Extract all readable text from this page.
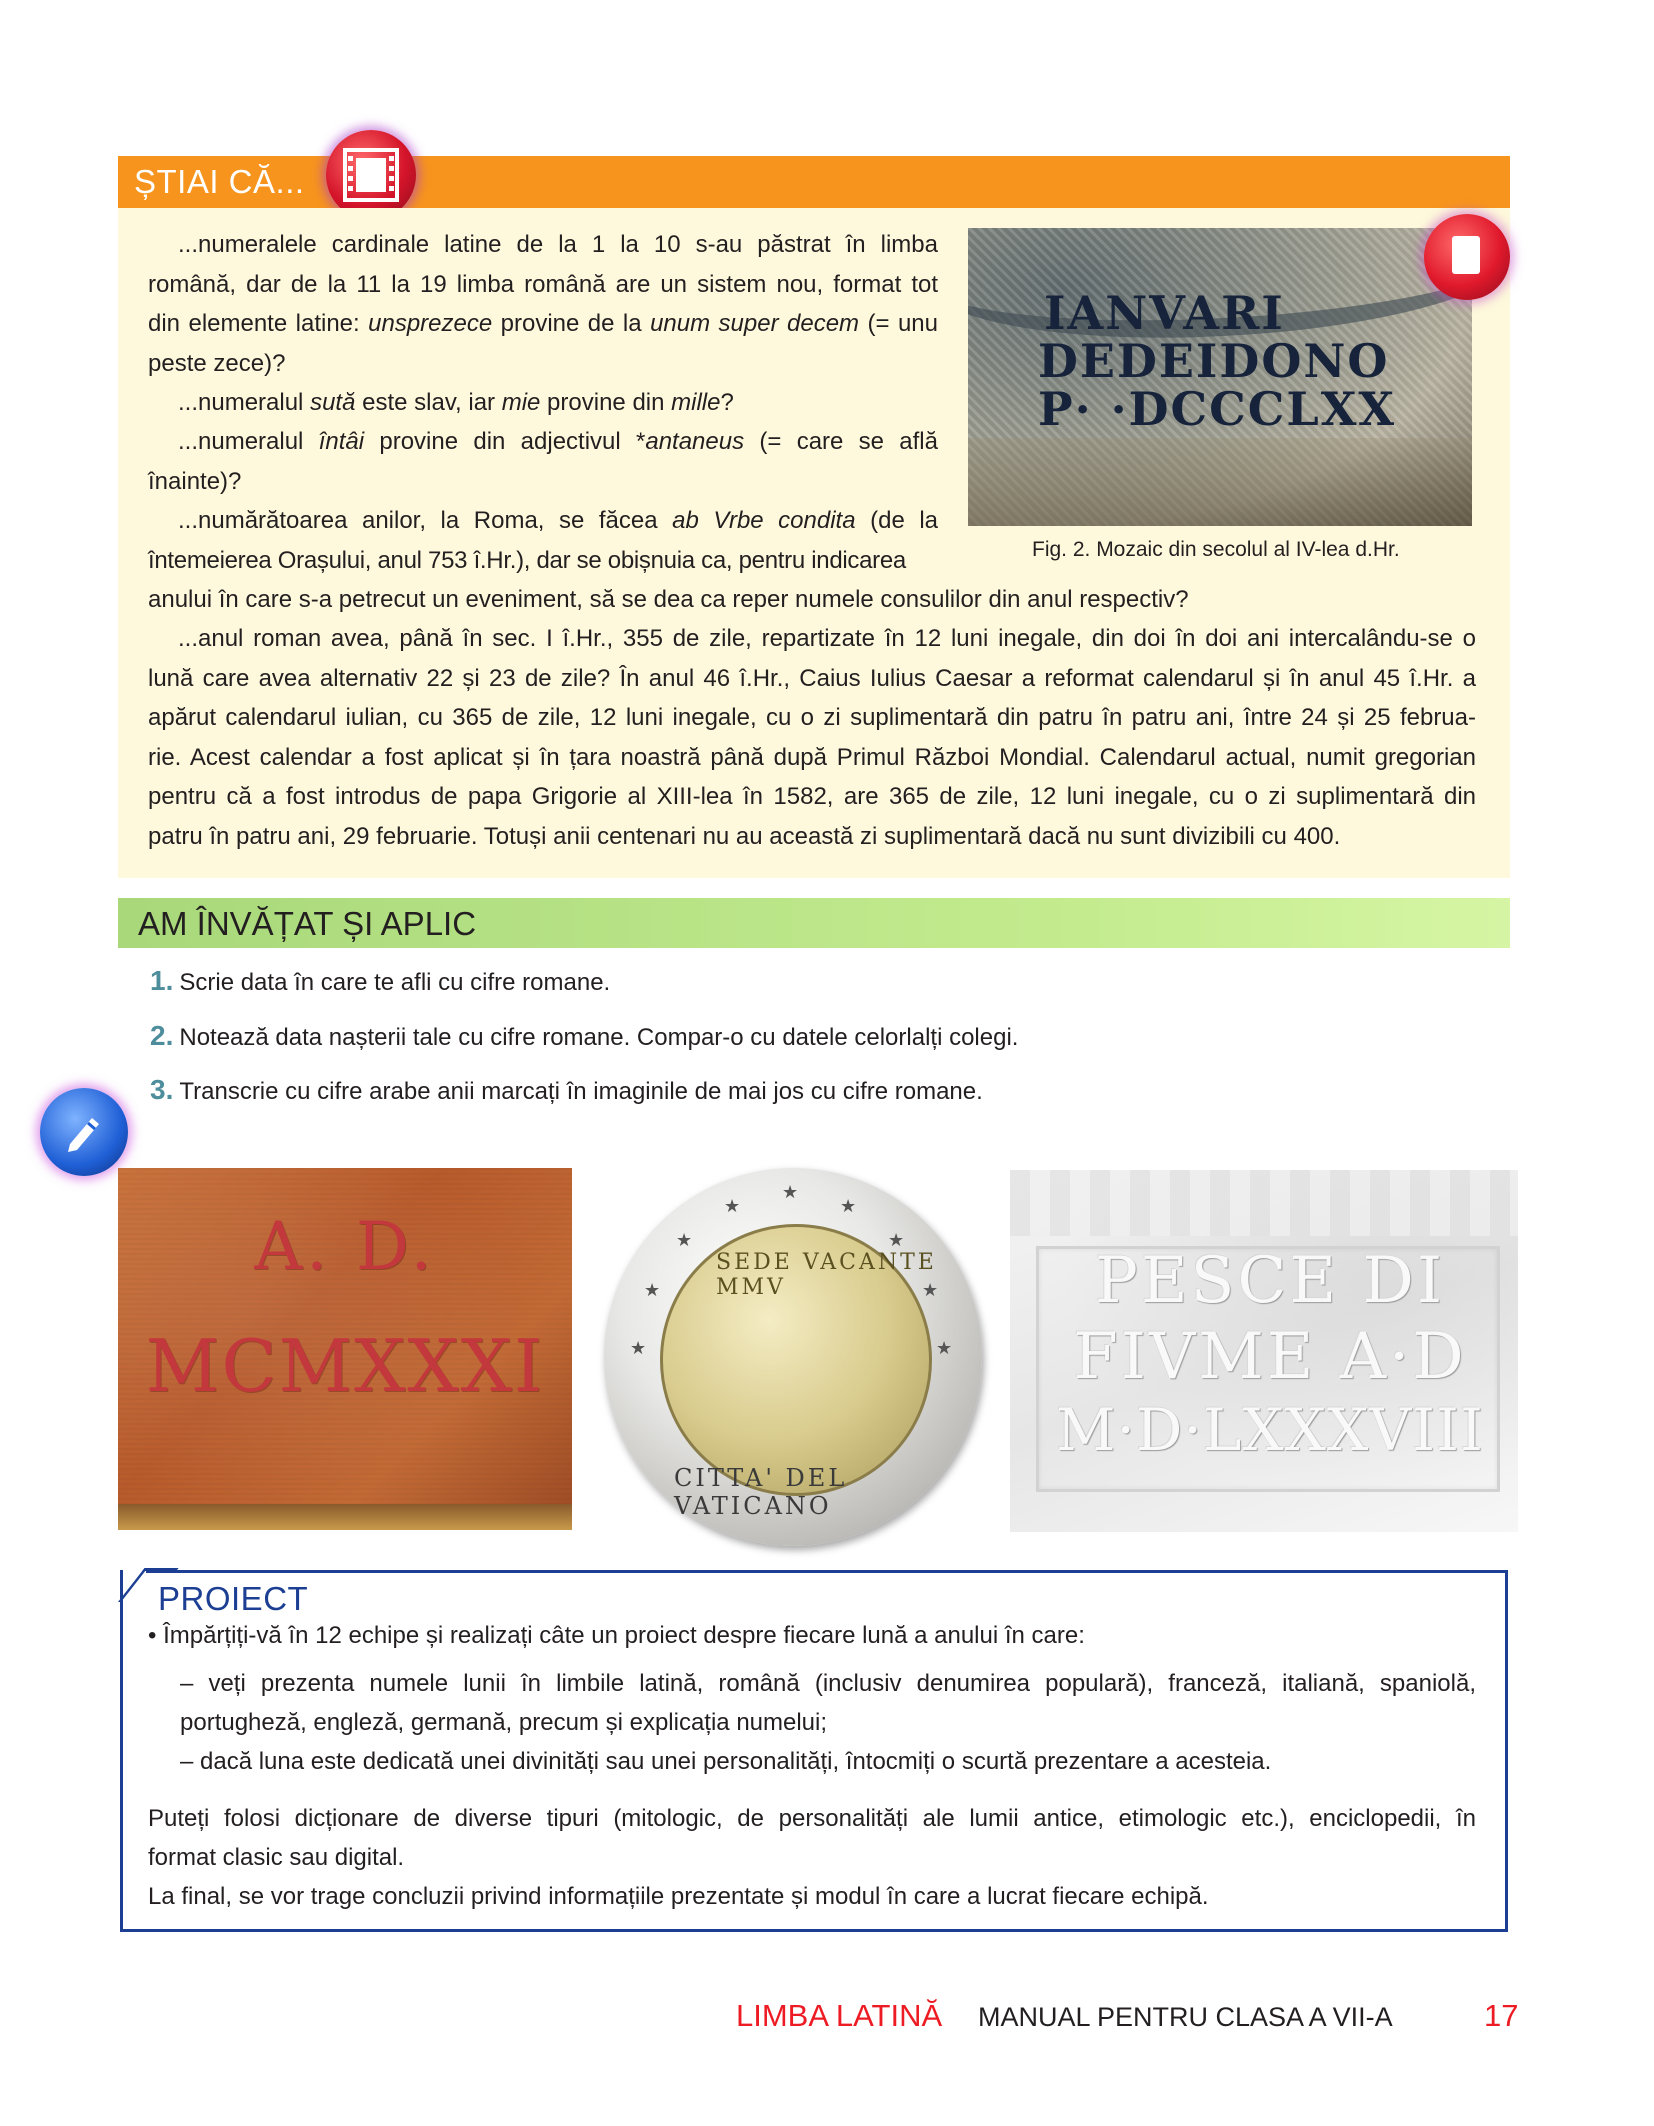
ȘTIAI CĂ...
...numeralele cardinale latine de la 1 la 10 s-au păstrat în limba
română, dar de la 11 la 19 limba română are un sistem nou, format tot
din elemente latine: unsprezece provine de la unum super decem (= unu
peste zece)?
...numeralul sută este slav, iar mie provine din mille?
...numeralul întâi provine din adjectivul *antaneus (= care se află
înainte)?
...numărătoarea anilor, la Roma, se făcea ab Vrbe condita (de la
întemeierea Orașului, anul 753 î.Hr.), dar se obișnuia ca, pentru indicarea
anului în care s-a petrecut un eveniment, să se dea ca reper numele consulilor din anul respectiv?
...anul roman avea, până în sec. I î.Hr., 355 de zile, repartizate în 12 luni inegale, din doi în doi ani intercalându-se o
lună care avea alternativ 22 și 23 de zile? În anul 46 î.Hr., Caius Iulius Caesar a reformat calendarul și în anul 45 î.Hr. a
apărut calendarul iulian, cu 365 de zile, 12 luni inegale, cu o zi suplimentară din patru în patru ani, între 24 și 25 februa-
rie. Acest calendar a fost aplicat și în țara noastră până după Primul Război Mondial. Calendarul actual, numit gregorian
pentru că a fost introdus de papa Grigorie al XIII-lea în 1582, are 365 de zile, 12 luni inegale, cu o zi suplimentară din
patru în patru ani, 29 februarie. Totuși anii centenari nu au această zi suplimentară dacă nu sunt divizibili cu 400.
IANVARI
DEDEIDONO
P· ·DCCCLXX
Fig. 2. Mozaic din secolul al IV-lea d.Hr.
AM ÎNVĂȚAT ȘI APLIC
1. Scrie data în care te afli cu cifre romane.
2. Notează data nașterii tale cu cifre romane. Compar-o cu datele celorlalți colegi.
3. Transcrie cu cifre arabe anii marcați în imaginile de mai jos cu cifre romane.
A. D.
MCMXXXI
★
★	★
★	★
★	★
★	★
SEDE VACANTE MMV
CITTA' DEL VATICANO
PESCE DI
FIVME A·D
M·D·LXXXVIII
PROIECT
• Împărțiți-vă în 12 echipe și realizați câte un proiect despre fiecare lună a anului în care:
– veți prezenta numele lunii în limbile latină, română (inclusiv denumirea populară), franceză, italiană, spaniolă,
portugheză, engleză, germană, precum și explicația numelui;
– dacă luna este dedicată unei divinități sau unei personalități, întocmiți o scurtă prezentare a acesteia.
Puteți folosi dicționare de diverse tipuri (mitologic, de personalități ale lumii antice, etimologic etc.), enciclopedii, în
format clasic sau digital.
La final, se vor trage concluzii privind informațiile prezentate și modul în care a lucrat fiecare echipă.
LIMBA LATINĂ MANUAL PENTRU CLASA A VII-A	17
